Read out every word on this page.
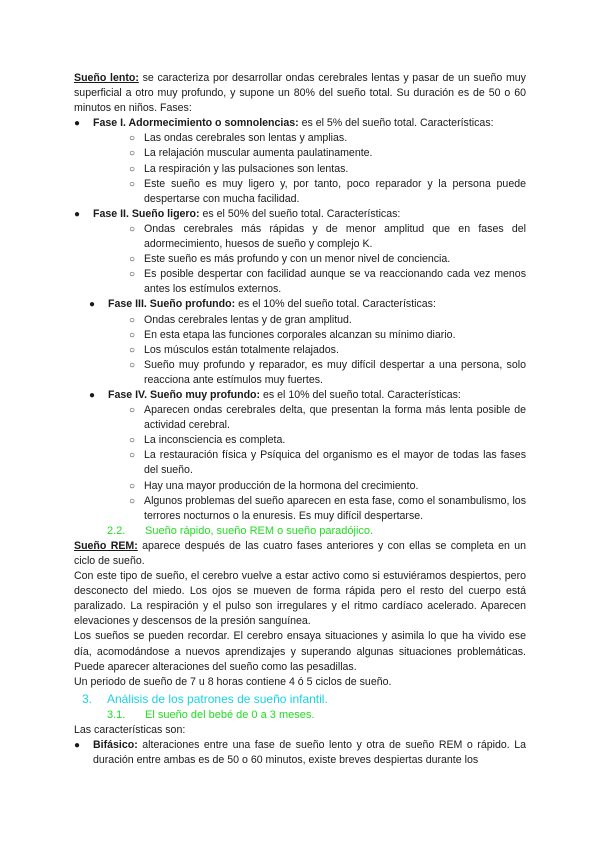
Sueño lento: se caracteriza por desarrollar ondas cerebrales lentas y pasar de un sueño muy superficial a otro muy profundo, y supone un 80% del sueño total. Su duración es de 50 o 60 minutos en niños. Fases:

● Fase I. Adormecimiento o somnolencias: es el 5% del sueño total. Características:
○ Las ondas cerebrales son lentas y amplias.
○ La relajación muscular aumenta paulatinamente.
○ La respiración y las pulsaciones son lentas.
○ Este sueño es muy ligero y, por tanto, poco reparador y la persona puede despertarse con mucha facilidad.
● Fase II. Sueño ligero: es el 50% del sueño total. Características:
○ Ondas cerebrales más rápidas y de menor amplitud que en fases del adormecimiento, huesos de sueño y complejo K.
○ Este sueño es más profundo y con un menor nivel de conciencia.
○ Es posible despertar con facilidad aunque se va reaccionando cada vez menos antes los estímulos externos.
● Fase III. Sueño profundo: es el 10% del sueño total. Características:
○ Ondas cerebrales lentas y de gran amplitud.
○ En esta etapa las funciones corporales alcanzan su mínimo diario.
○ Los músculos están totalmente relajados.
○ Sueño muy profundo y reparador, es muy difícil despertar a una persona, solo reacciona ante estímulos muy fuertes.
● Fase IV. Sueño muy profundo: es el 10% del sueño total. Características:
○ Aparecen ondas cerebrales delta, que presentan la forma más lenta posible de actividad cerebral.
○ La inconsciencia es completa.
○ La restauración física y Psíquica del organismo es el mayor de todas las fases del sueño.
○ Hay una mayor producción de la hormona del crecimiento.
○ Algunos problemas del sueño aparecen en esta fase, como el sonambulismo, los terrores nocturnos o la enuresis. Es muy difícil despertarse.

2.2. Sueño rápido, sueño REM o sueño paradójico.

Sueño REM: aparece después de las cuatro fases anteriores y con ellas se completa en un ciclo de sueño.

Con este tipo de sueño, el cerebro vuelve a estar activo como si estuviéramos despiertos, pero desconecto del miedo. Los ojos se mueven de forma rápida pero el resto del cuerpo está paralizado. La respiración y el pulso son irregulares y el ritmo cardíaco acelerado. Aparecen elevaciones y descensos de la presión sanguínea.

Los sueños se pueden recordar. El cerebro ensaya situaciones y asimila lo que ha vivido ese día, acomodándose a nuevos aprendizajes y superando algunas situaciones problemáticas. Puede aparecer alteraciones del sueño como las pesadillas.

Un periodo de sueño de 7 u 8 horas contiene 4 ó 5 ciclos de sueño.

3. Análisis de los patrones de sueño infantil.

3.1. El sueño del bebé de 0 a 3 meses.

Las características son:

● Bifásico: alteraciones entre una fase de sueño lento y otra de sueño REM o rápido. La duración entre ambas es de 50 o 60 minutos, existe breves despiertas durante los
